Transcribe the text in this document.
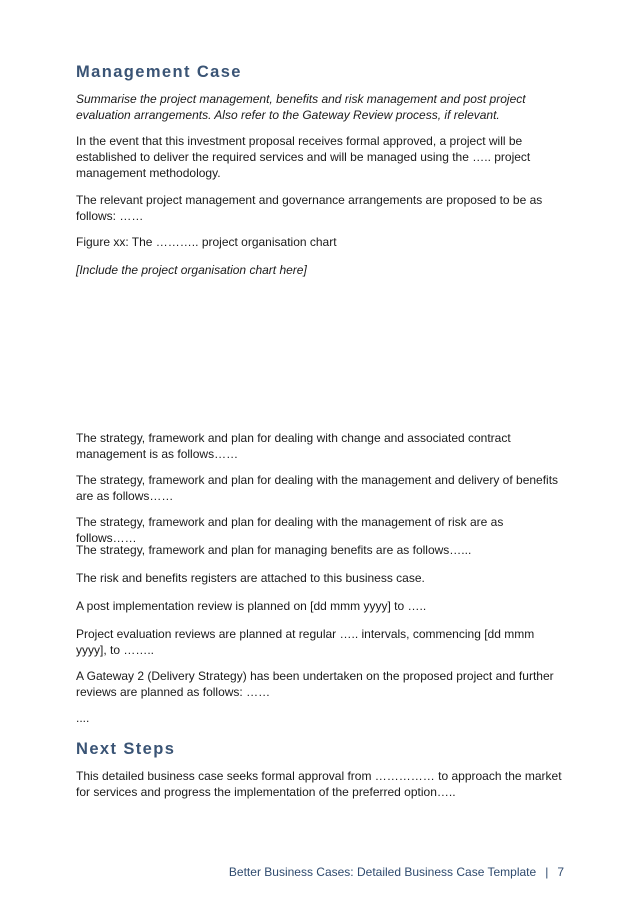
Management Case

Summarise the project management, benefits and risk management and post project evaluation arrangements. Also refer to the Gateway Review process, if relevant.

In the event that this investment proposal receives formal approved, a project will be established to deliver the required services and will be managed using the ….. project management methodology.

The relevant project management and governance arrangements are proposed to be as follows: ……

Figure xx: The ……….. project organisation chart

[Include the project organisation chart here]

The strategy, framework and plan for dealing with change and associated contract management is as follows……

The strategy, framework and plan for dealing with the management and delivery of benefits are as follows……

The strategy, framework and plan for dealing with the management of risk are as follows……

The strategy, framework and plan for managing benefits are as follows…...

The risk and benefits registers are attached to this business case.

A post implementation review is planned on [dd mmm yyyy] to …..

Project evaluation reviews are planned at regular ….. intervals, commencing [dd mmm yyyy], to ……..

A Gateway 2 (Delivery Strategy) has been undertaken on the proposed project and further reviews are planned as follows: ……

....

Next Steps

This detailed business case seeks formal approval from …………… to approach the market for services and progress the implementation of the preferred option…..

Better Business Cases: Detailed Business Case Template | 7
